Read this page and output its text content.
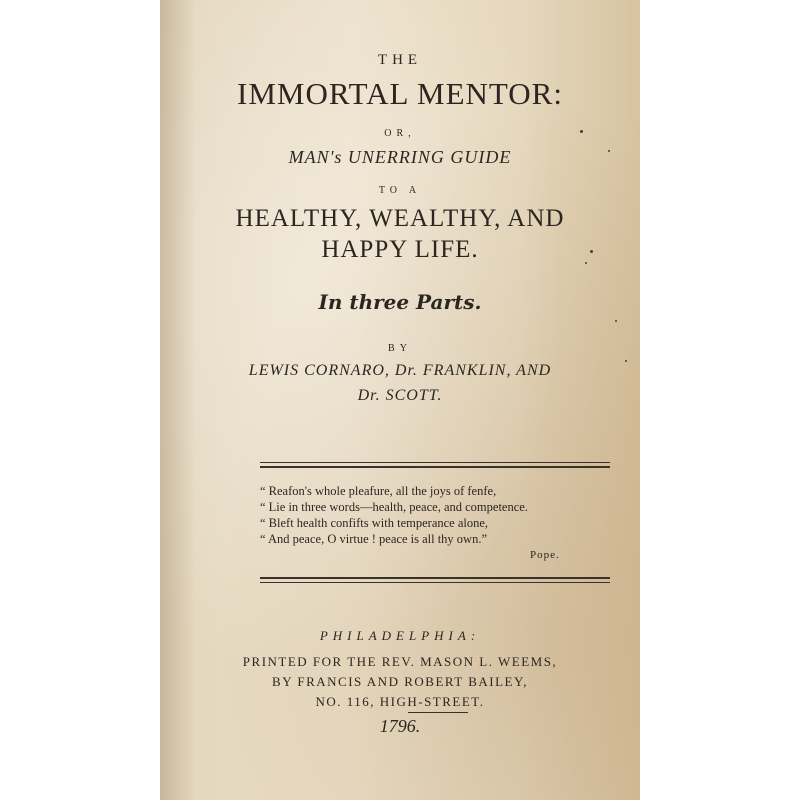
THE
IMMORTAL MENTOR:
OR,
MAN's UNERRING GUIDE
TO A
HEALTHY, WEALTHY, AND
HAPPY LIFE.
In three Parts.
BY
LEWIS CORNARO, Dr. FRANKLIN, AND
Dr. SCOTT.
“ Reafon's whole pleafure, all the joys of fenfe,
“ Lie in three words—health, peace, and competence.
“ Bleft health confifts with temperance alone,
“ And peace, O virtue ! peace is all thy own.”
Pope.
PHILADELPHIA:
PRINTED FOR THE REV. MASON L. WEEMS,
BY FRANCIS AND ROBERT BAILEY,
NO. 116, HIGH-STREET.
1796.
